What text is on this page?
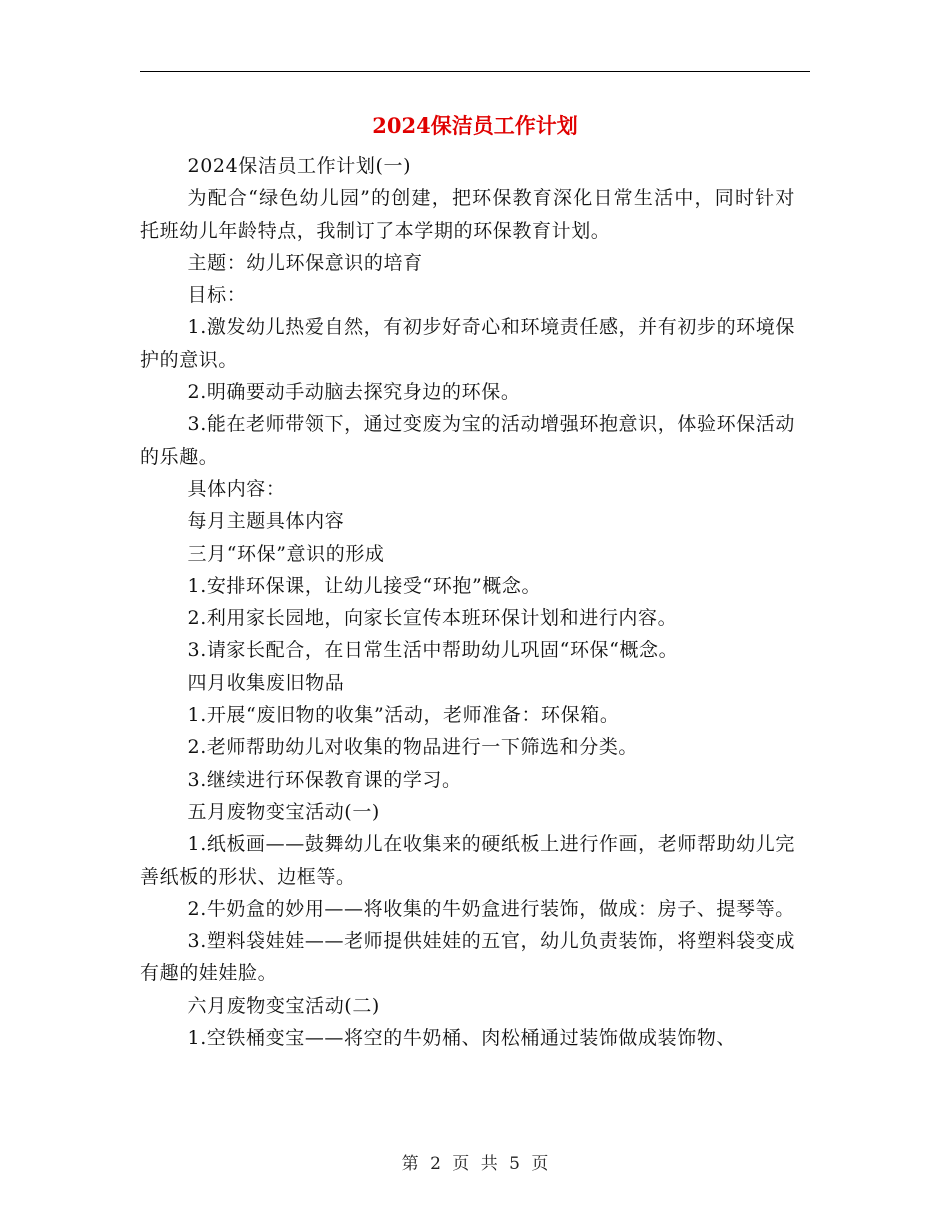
2024保洁员工作计划

2024保洁员工作计划(一)

为配合“绿色幼儿园”的创建，把环保教育深化日常生活中，同时针对托班幼儿年龄特点，我制订了本学期的环保教育计划。

主题：幼儿环保意识的培育

目标：

1.激发幼儿热爱自然，有初步好奇心和环境责任感，并有初步的环境保护的意识。

2.明确要动手动脑去探究身边的环保。

3.能在老师带领下，通过变废为宝的活动增强环抱意识，体验环保活动的乐趣。

具体内容：

每月主题具体内容

三月“环保”意识的形成

1.安排环保课，让幼儿接受“环抱”概念。

2.利用家长园地，向家长宣传本班环保计划和进行内容。

3.请家长配合，在日常生活中帮助幼儿巩固“环保“概念。

四月收集废旧物品

1.开展“废旧物的收集”活动，老师准备：环保箱。

2.老师帮助幼儿对收集的物品进行一下筛选和分类。

3.继续进行环保教育课的学习。

五月废物变宝活动(一)

1.纸板画——鼓舞幼儿在收集来的硬纸板上进行作画，老师帮助幼儿完善纸板的形状、边框等。

2.牛奶盒的妙用——将收集的牛奶盒进行装饰，做成：房子、提琴等。

3.塑料袋娃娃——老师提供娃娃的五官，幼儿负责装饰，将塑料袋变成有趣的娃娃脸。

六月废物变宝活动(二)

1.空铁桶变宝——将空的牛奶桶、肉松桶通过装饰做成装饰物、

第 2 页 共 5 页
